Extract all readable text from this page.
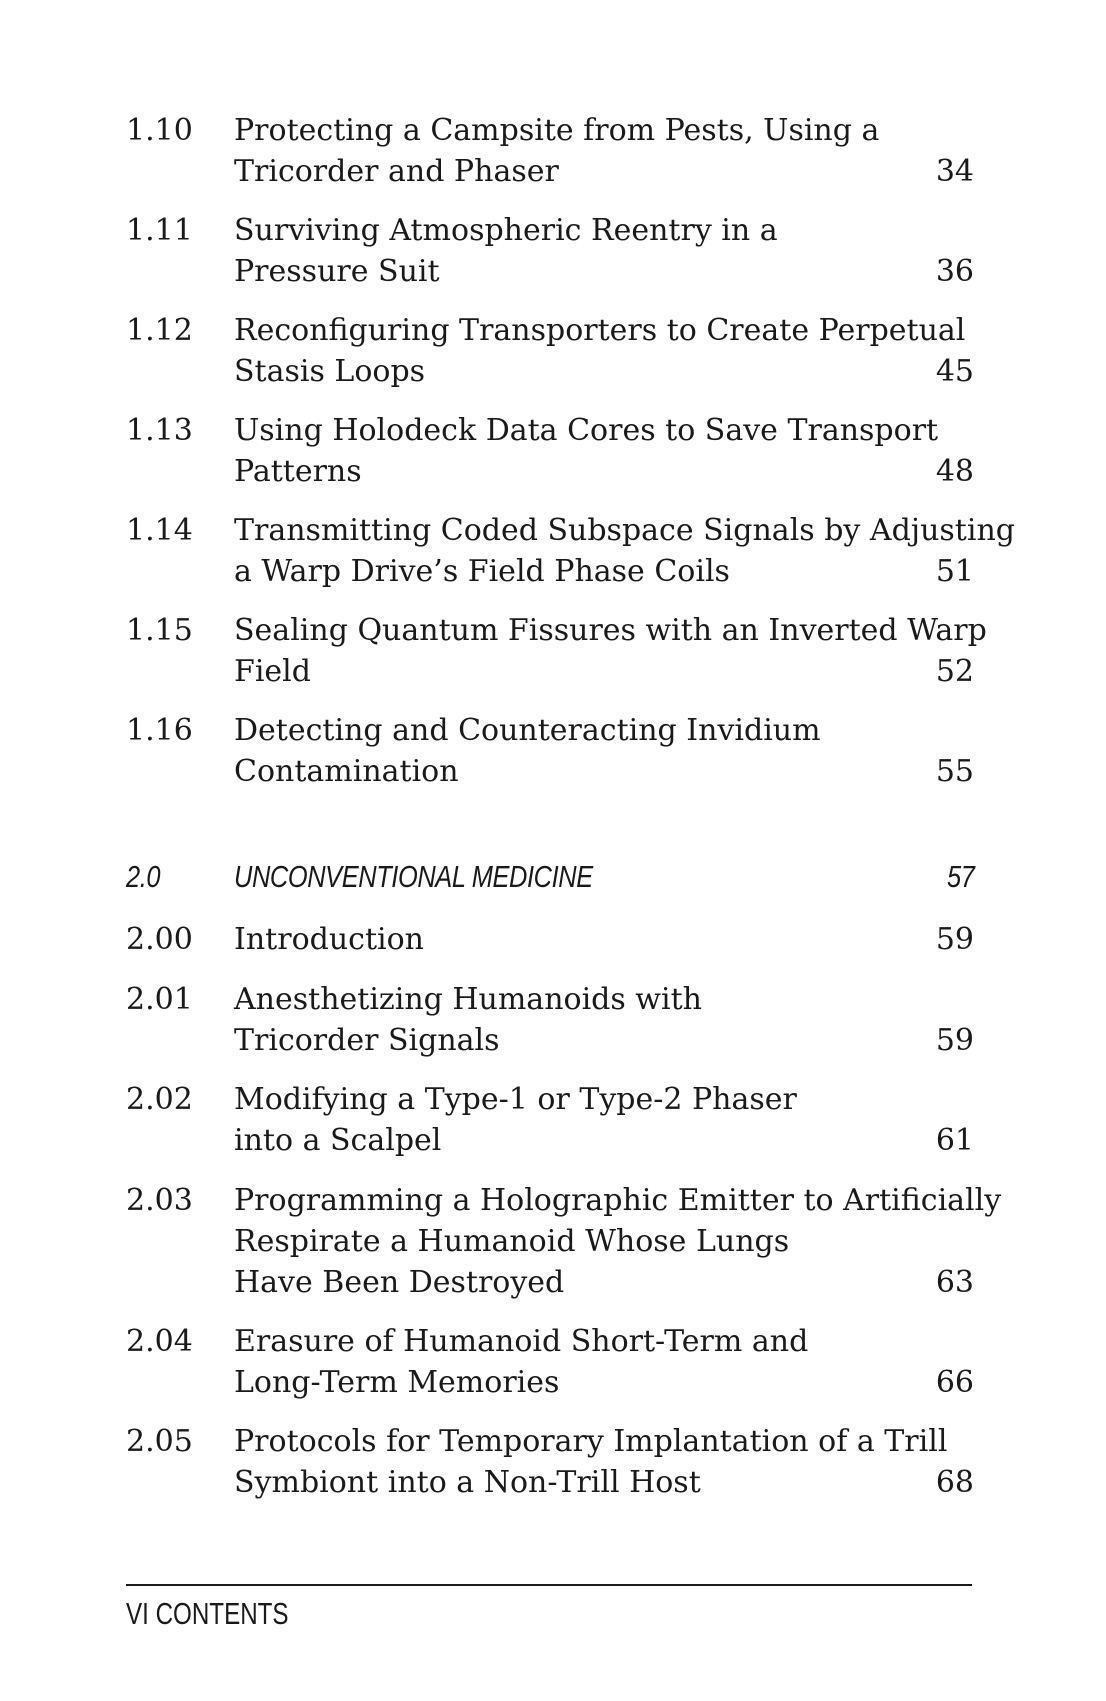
1.10 Protecting a Campsite from Pests, Using a
Tricorder and Phaser	34
1.11 Surviving Atmospheric Reentry in a
Pressure Suit	36
1.12 Reconfiguring Transporters to Create Perpetual
Stasis Loops	45
1.13 Using Holodeck Data Cores to Save Transport
Patterns	48
1.14 Transmitting Coded Subspace Signals by Adjusting
a Warp Drive’s Field Phase Coils	51
1.15 Sealing Quantum Fissures with an Inverted Warp
Field	52
1.16 Detecting and Counteracting Invidium
Contamination	55
2.0 UNCONVENTIONAL MEDICINE	57
2.00 Introduction	59
2.01 Anesthetizing Humanoids with
Tricorder Signals	59
2.02 Modifying a Type-1 or Type-2 Phaser
into a Scalpel	61
2.03 Programming a Holographic Emitter to Artificially
Respirate a Humanoid Whose Lungs
Have Been Destroyed	63
2.04 Erasure of Humanoid Short-Term and
Long-Term Memories	66
2.05 Protocols for Temporary Implantation of a Trill
Symbiont into a Non-Trill Host	68
VI CONTENTS
